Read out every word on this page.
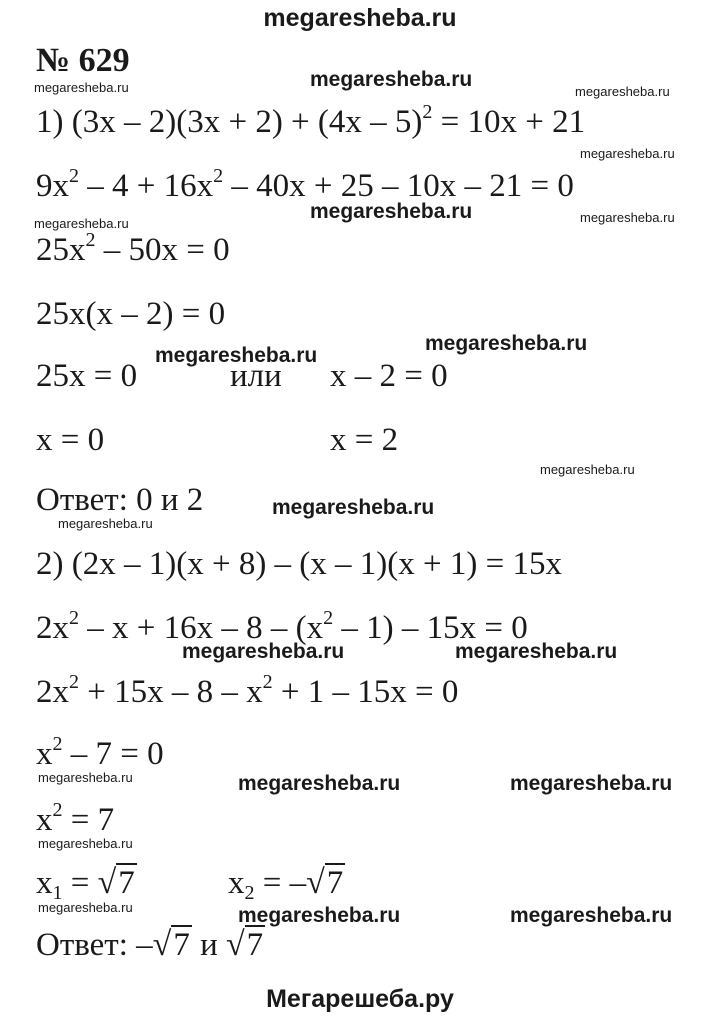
megaresheba.ru
№ 629
megaresheba.ru	megaresheba.ru
megaresheba.ru
megaresheba.ru
megaresheba.ru
megaresheba.ru	megaresheba.ru
megaresheba.ru
megaresheba.ru
megaresheba.ru
megaresheba.ru
megaresheba.ru
megaresheba.ru	megaresheba.ru
megaresheba.ru	megaresheba.ru	megaresheba.ru
megaresheba.ru
megaresheba.ru	megaresheba.ru	megaresheba.ru
1) (3x – 2)(3x + 2) + (4x – 5)$^2$ = 10x + 21
$9x^2 - 4 + 16x^2 - 40x + 25 - 10x - 21 = 0$
$25x^2 - 50x = 0$
25x(x – 2) = 0
25x = 0	или x – 2 = 0
x = 0	x = 2
Ответ: 0 и 2
2) (2x – 1)(x + 8) – (x – 1)(x + 1) = 15x
$2x^2 - x + 16x - 8 - (x^2 - 1) - 15x = 0$
$2x^2 + 15x - 8 - x^2 + 1 - 15x = 0$
$x^2 - 7 = 0$
$x^2 = 7$
$x_1 = √7$	$x_2 = -√7$
Ответ: –√7 и √7
Мегарешеба.ру
